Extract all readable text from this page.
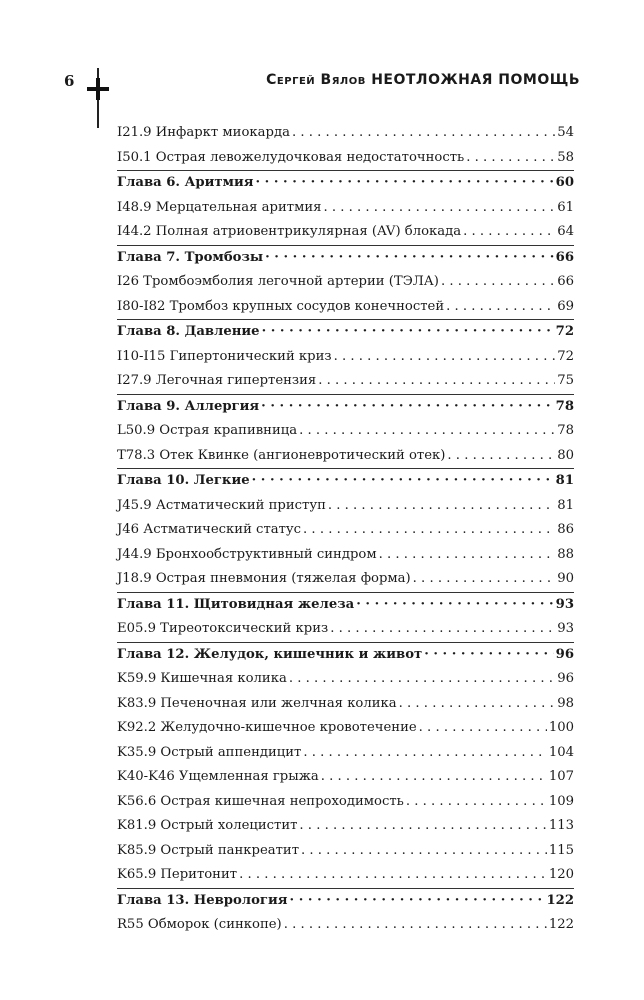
6	Сергей Вялов НЕОТЛОЖНАЯ ПОМОЩЬ
I21.9 Инфаркт миокарда . . .	54
I50.1 Острая левожелудочковая недостаточность . . .	58
Глава 6. Аритмия · · ·	60
I48.9 Мерцательная аритмия . . .	61
I44.2 Полная атриовентрикулярная (AV) блокада . . .	64
Глава 7. Тромбозы · · ·	66
I26 Тромбоэмболия легочной артерии (ТЭЛА) . . .	66
I80-I82 Тромбоз крупных сосудов конечностей . . .	69
Глава 8. Давление · · ·	72
I10-I15 Гипертонический криз . . .	72
I27.9 Легочная гипертензия . . .	75
Глава 9. Аллергия · · ·	78
L50.9 Острая крапивница . . .	78
T78.3 Отек Квинке (ангионевротический отек) . . .	80
Глава 10. Легкие · · ·	81
J45.9 Астматический приступ . . .	81
J46 Астматический статус . . .	86
J44.9 Бронхообструктивный синдром . . .	88
J18.9 Острая пневмония (тяжелая форма) . . .	90
Глава 11. Щитовидная железа · · ·	93
E05.9 Тиреотоксический криз . . .	93
Глава 12. Желудок, кишечник и живот · · ·	96
K59.9 Кишечная колика . . .	96
K83.9 Печеночная или желчная колика . . .	98
K92.2 Желудочно-кишечное кровотечение . . .	100
K35.9 Острый аппендицит . . .	104
K40-K46 Ущемленная грыжа . . .	107
K56.6 Острая кишечная непроходимость . . .	109
K81.9 Острый холецистит . . .	113
K85.9 Острый панкреатит . . .	115
K65.9 Перитонит . . .	120
Глава 13. Неврология · · ·	122
R55 Обморок (синкопе) . . .	122
